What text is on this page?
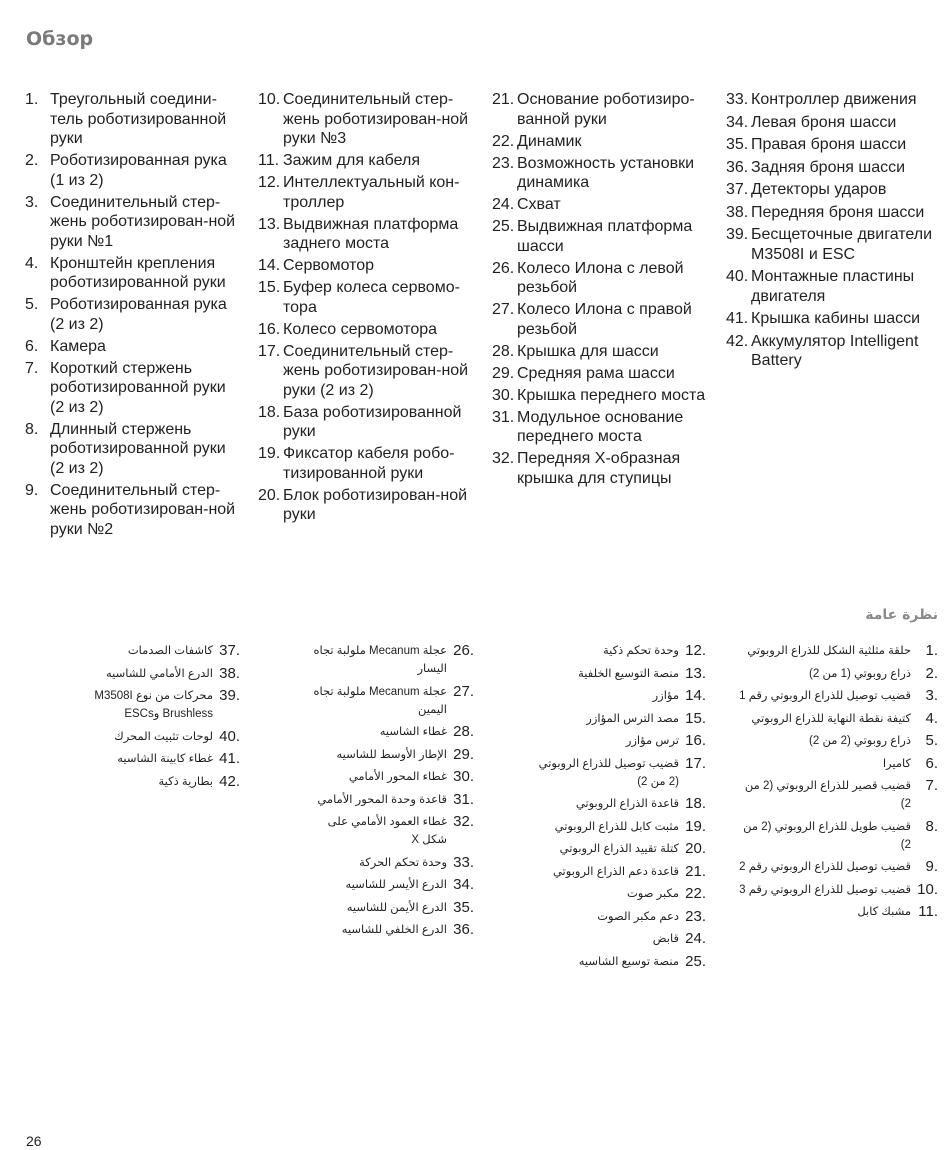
Обзор
1. Треугольный соедини-тель роботизированной руки
2. Роботизированная рука (1 из 2)
3. Соединительный стер-жень роботизирован-ной руки №1
4. Кронштейн крепления роботизированной руки
5. Роботизированная рука (2 из 2)
6. Камера
7. Короткий стержень роботизированной руки (2 из 2)
8. Длинный стержень роботизированной руки (2 из 2)
9. Соединительный стер-жень роботизирован-ной руки №2
10. Соединительный стер-жень роботизирован-ной руки №3
11. Зажим для кабеля
12. Интеллектуальный кон-троллер
13. Выдвижная платформа заднего моста
14. Сервомотор
15. Буфер колеса сервомо-тора
16. Колесо сервомотора
17. Соединительный стер-жень роботизирован-ной руки (2 из 2)
18. База роботизированной руки
19. Фиксатор кабеля робо-тизированной руки
20. Блок роботизирован-ной руки
21. Основание роботизиро-ванной руки
22. Динамик
23. Возможность установки динамика
24. Схват
25. Выдвижная платформа шасси
26. Колесо Илона с левой резьбой
27. Колесо Илона с правой резьбой
28. Крышка для шасси
29. Средняя рама шасси
30. Крышка переднего моста
31. Модульное основание переднего моста
32. Передняя X-образная крышка для ступицы
33. Контроллер движения
34. Левая броня шасси
35. Правая броня шасси
36. Задняя броня шасси
37. Детекторы ударов
38. Передняя броня шасси
39. Бесщеточные двигатели M3508I и ESC
40. Монтажные пластины двигателя
41. Крышка кабины шасси
42. Аккумулятор Intelligent Battery
نظرة عامة
1.
حلقة مثلثية الشكل للذراع الروبوتي
2.
ذراع روبوتي (1 من 2)
3.
قضيب توصيل للذراع الروبوتي رقم 1
4.
كتيفة نقطة النهاية للذراع الروبوتي
5.
ذراع روبوتي (2 من 2)
6.
كاميرا
7.
قضيب قصير للذراع الروبوتي (2 من 2)
8.
قضيب طويل للذراع الروبوتي (2 من 2)
9.
قضيب توصيل للذراع الروبوتي رقم 2
10.
قضيب توصيل للذراع الروبوتي رقم 3
11.
مشبك كابل
12.
وحدة تحكم ذكية
13.
منصة التوسيع الخلفية
14.
مؤازر
15.
مصد الترس المؤازر
16.
ترس مؤازر
17.
قضيب توصيل للذراع الروبوتي (2 من 2)
18.
قاعدة الذراع الروبوتي
19.
مثبت كابل للذراع الروبوتي
20.
كتلة تقييد الذراع الروبوتي
21.
قاعدة دعم الذراع الروبوتي
22.
مكبر صوت
23.
دعم مكبر الصوت
24.
قابض
25.
منصة توسيع الشاسيه
26.
عجلة Mecanum ملولبة تجاه اليسار
27.
عجلة Mecanum ملولبة تجاه اليمين
28.
غطاء الشاسيه
29.
الإطار الأوسط للشاسيه
30.
غطاء المحور الأمامي
31.
قاعدة وحدة المحور الأمامي
32.
غطاء العمود الأمامي على شكل X
33.
وحدة تحكم الحركة
34.
الدرع الأيسر للشاسيه
35.
الدرع الأيمن للشاسيه
36.
الدرع الخلفي للشاسيه
37.
كاشفات الصدمات
38.
الدرع الأمامي للشاسيه
39.
محركات من نوع M3508I Brushless وESCs
40.
لوحات تثبيت المحرك
41.
غطاء كابينة الشاسيه
42.
بطارية ذكية
26
